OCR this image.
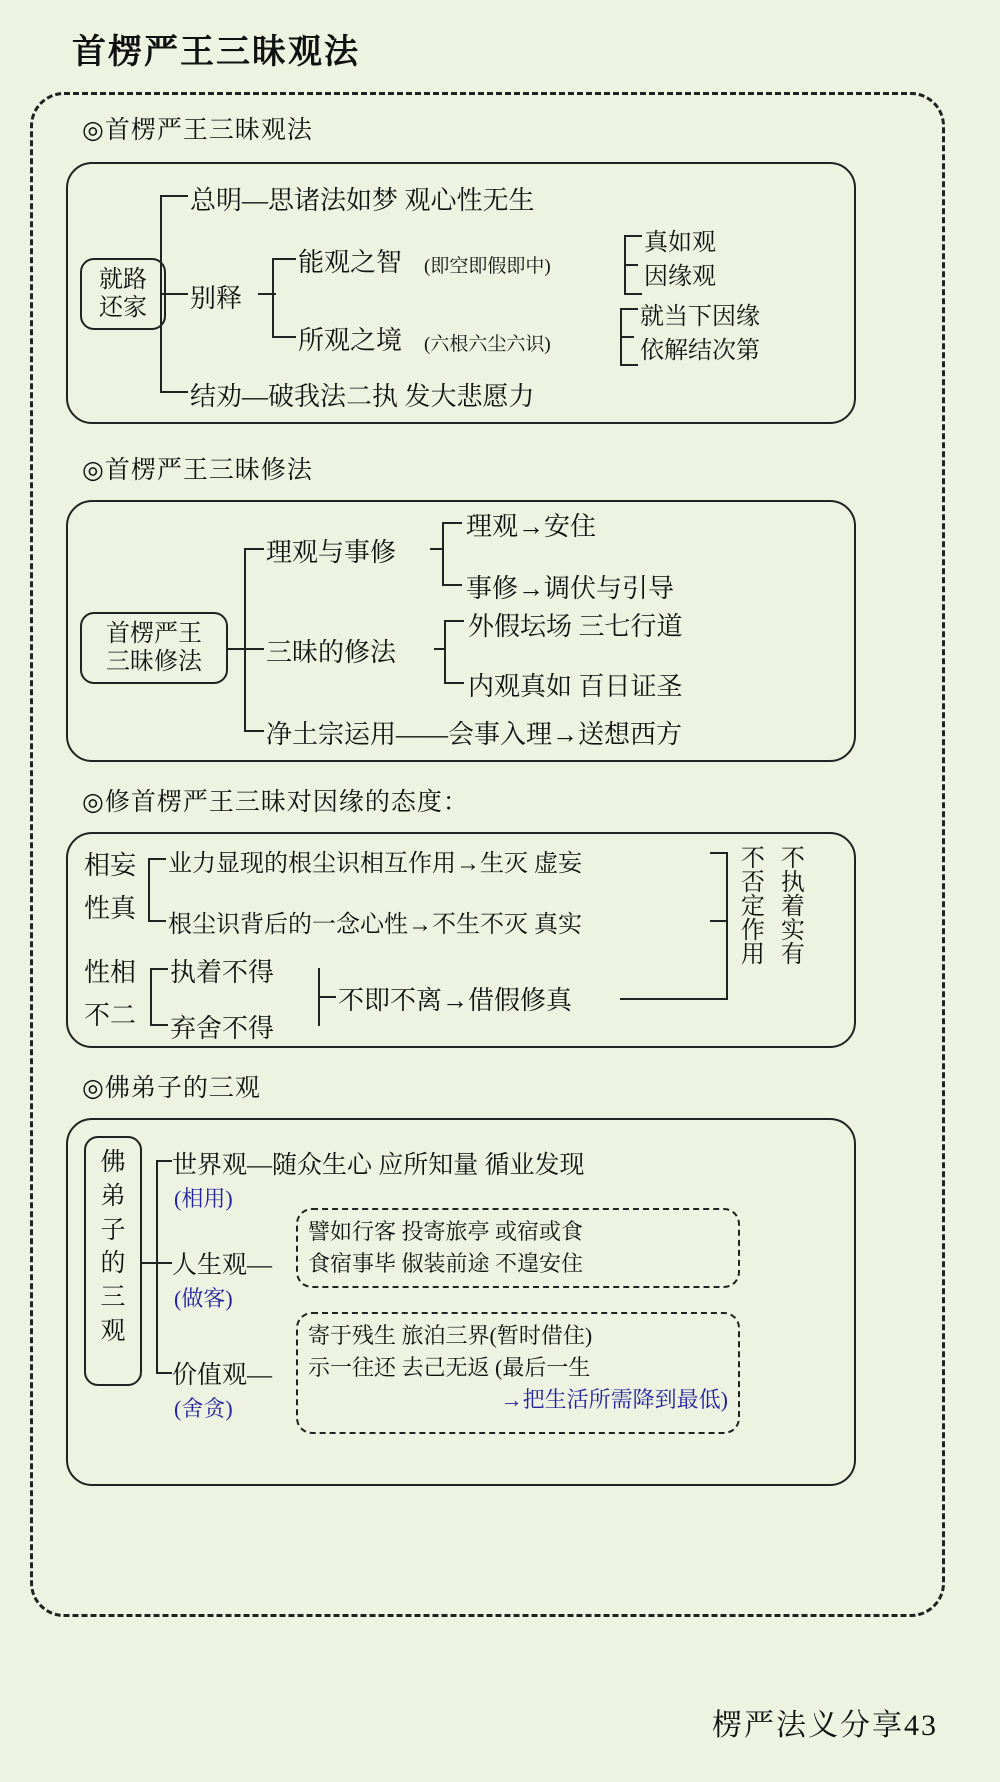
首楞严王三昧观法
◎首楞严王三昧观法
就路
还家
总明—思诸法如梦 观心性无生
别释
结劝—破我法二执 发大悲愿力
能观之智 (即空即假即中)
所观之境 (六根六尘六识)
真如观
因缘观
就当下因缘
依解结次第
◎首楞严王三昧修法
首楞严王
三昧修法
理观与事修
三昧的修法
净土宗运用——会事入理→送想西方
理观→安住
事修→调伏与引导
外假坛场 三七行道
内观真如 百日证圣
◎修首楞严王三昧对因缘的态度：
相妄
性真
业力显现的根尘识相互作用→生灭 虚妄
根尘识背后的一念心性→不生不灭 真实
性相
不二
执着不得
弃舍不得
不即不离→借假修真
不否定作用 不执着实有
◎佛弟子的三观
佛
弟
子
的
三
观
世界观—随众生心 应所知量 循业发现
(相用)
人生观—
(做客)
譬如行客 投寄旅亭 或宿或食
食宿事毕 俶装前途 不遑安住
价值观—
(舍贪)
寄于残生 旅泊三界(暂时借住)
示一往还 去己无返 (最后一生
→把生活所需降到最低)
楞严法义分享43
